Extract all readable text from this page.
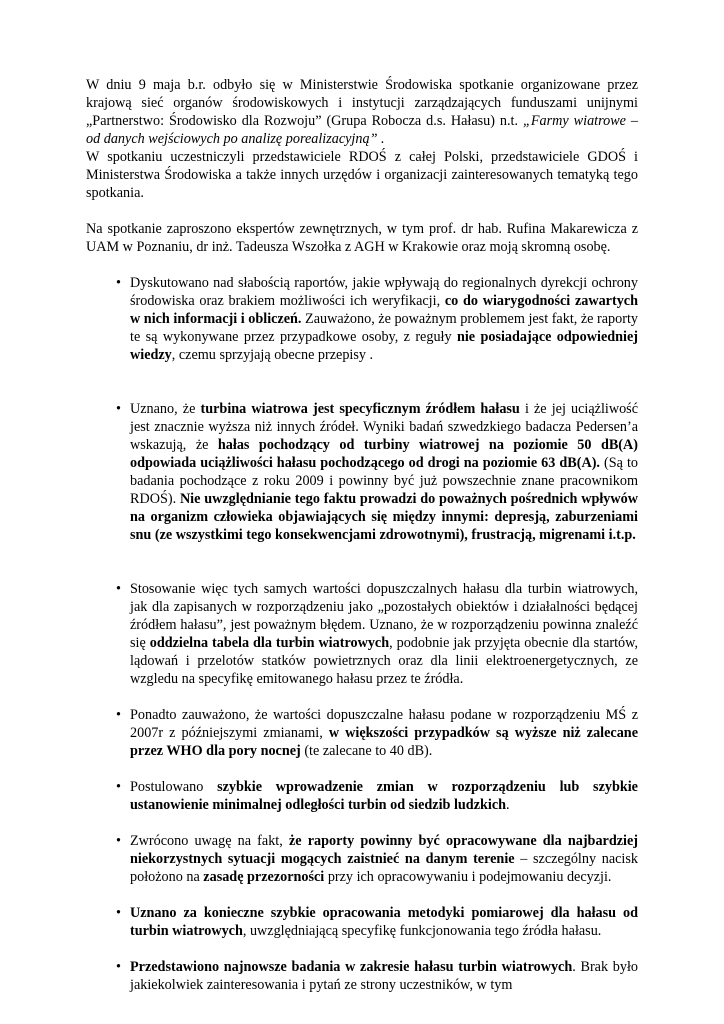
W dniu 9 maja b.r. odbyło się w Ministerstwie Środowiska spotkanie organizowane przez krajową sieć organów środowiskowych i instytucji zarządzających funduszami unijnymi „Partnerstwo: Środowisko dla Rozwoju” (Grupa Robocza d.s. Hałasu) n.t. „Farmy wiatrowe – od danych wejściowych po analizę porealizacyjną” .

W spotkaniu uczestniczyli przedstawiciele RDOŚ z całej Polski, przedstawiciele GDOŚ i Ministerstwa Środowiska a także innych urzędów i organizacji zainteresowanych tematyką tego spotkania.

Na spotkanie zaproszono ekspertów zewnętrznych, w tym prof. dr hab. Rufina Makarewicza z UAM w Poznaniu, dr inż. Tadeusza Wszołka z AGH w Krakowie oraz moją skromną osobę.

• Dyskutowano nad słabością raportów, jakie wpływają do regionalnych dyrekcji ochrony środowiska oraz brakiem możliwości ich weryfikacji, co do wiarygodności zawartych w nich informacji i obliczeń. Zauważono, że poważnym problemem jest fakt, że raporty te są wykonywane przez przypadkowe osoby, z reguły nie posiadające odpowiedniej wiedzy, czemu sprzyjają obecne przepisy .
• Uznano, że turbina wiatrowa jest specyficznym źródłem hałasu i że jej uciążliwość jest znacznie wyższa niż innych źródeł. Wyniki badań szwedzkiego badacza Pedersen’a wskazują, że hałas pochodzący od turbiny wiatrowej na poziomie 50 dB(A) odpowiada uciążliwości hałasu pochodzącego od drogi na poziomie 63 dB(A). (Są to badania pochodzące z roku 2009 i powinny być już powszechnie znane pracownikom RDOŚ). Nie uwzględnianie tego faktu prowadzi do poważnych pośrednich wpływów na organizm człowieka objawiających się między innymi: depresją, zaburzeniami snu (ze wszystkimi tego konsekwencjami zdrowotnymi), frustracją, migrenami i.t.p.
• Stosowanie więc tych samych wartości dopuszczalnych hałasu dla turbin wiatrowych, jak dla zapisanych w rozporządzeniu jako „pozostałych obiektów i działalności będącej źródłem hałasu”, jest poważnym błędem. Uznano, że w rozporządzeniu powinna znaleźć się oddzielna tabela dla turbin wiatrowych, podobnie jak przyjęta obecnie dla startów, lądowań i przelotów statków powietrznych oraz dla linii elektroenergetycznych, ze wzgledu na specyfikę emitowanego hałasu przez te źródła.
• Ponadto zauważono, że wartości dopuszczalne hałasu podane w rozporządzeniu MŚ z 2007r z późniejszymi zmianami, w większości przypadków są wyższe niż zalecane przez WHO dla pory nocnej (te zalecane to 40 dB).
• Postulowano szybkie wprowadzenie zmian w rozporządzeniu lub szybkie ustanowienie minimalnej odległości turbin od siedzib ludzkich.
• Zwrócono uwagę na fakt, że raporty powinny być opracowywane dla najbardziej niekorzystnych sytuacji mogących zaistnieć na danym terenie – szczególny nacisk położono na zasadę przezorności przy ich opracowywaniu i podejmowaniu decyzji.
• Uznano za konieczne szybkie opracowania metodyki pomiarowej dla hałasu od turbin wiatrowych, uwzględniającą specyfikę funkcjonowania tego źródła hałasu.
• Przedstawiono najnowsze badania w zakresie hałasu turbin wiatrowych. Brak było jakiekolwiek zainteresowania i pytań ze strony uczestników, w tym
